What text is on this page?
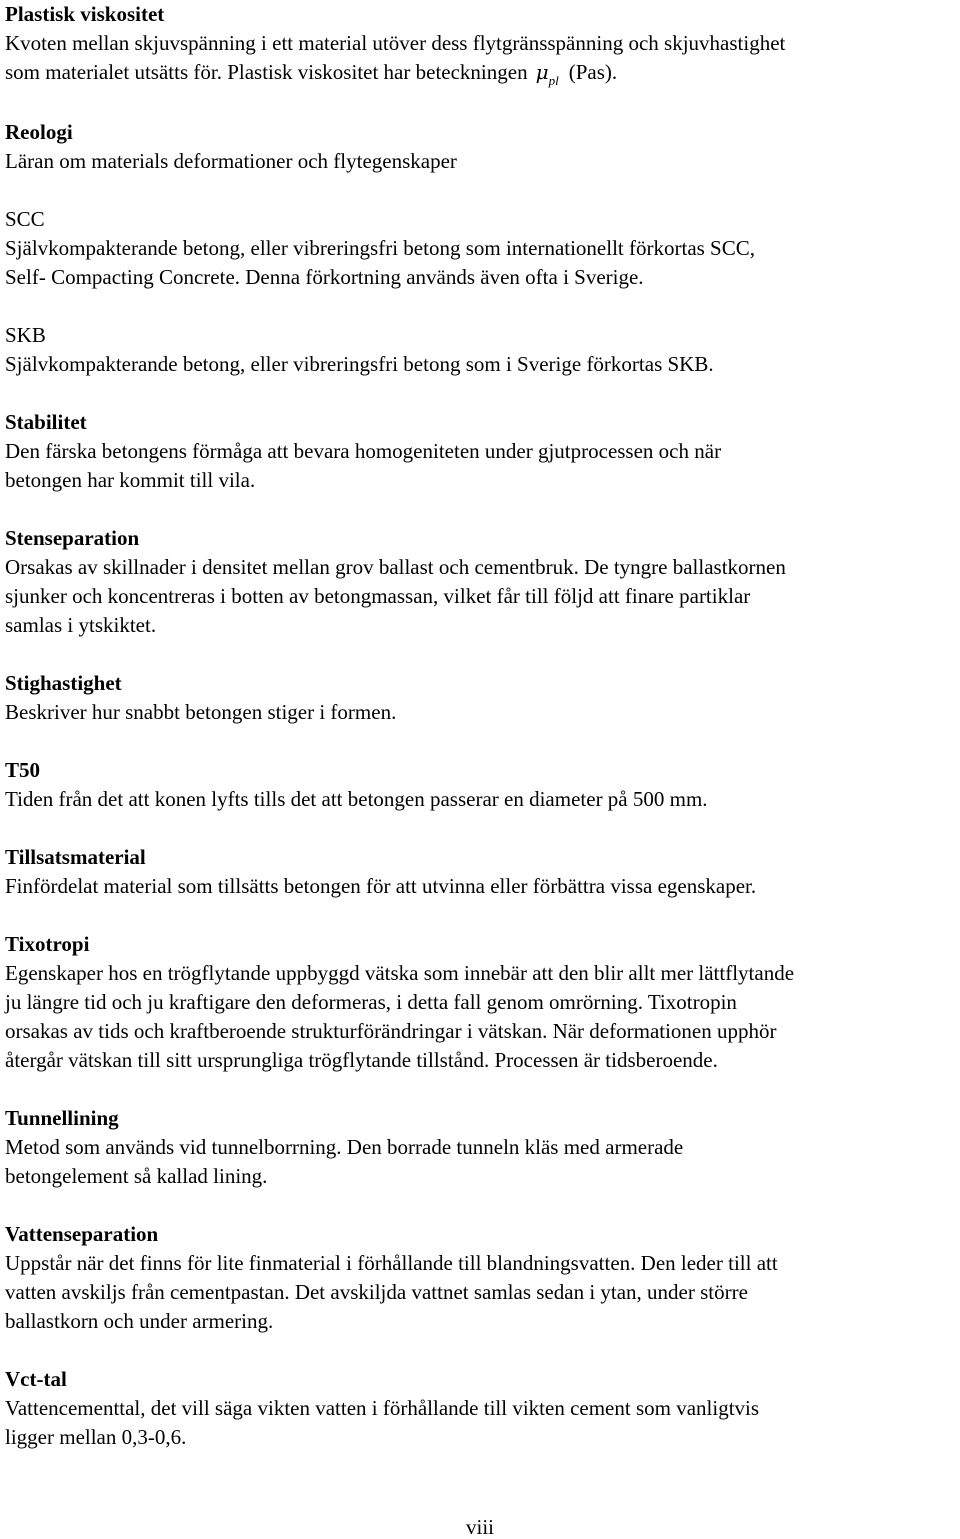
Plastisk viskositet
Kvoten mellan skjuvspänning i ett material utöver dess flytgränsspänning och skjuvhastighet
som materialet utsätts för. Plastisk viskositet har beteckningen $\mu_{pl}$ (Pas).
Reologi
Läran om materials deformationer och flytegenskaper
SCC
Självkompakterande betong, eller vibreringsfri betong som internationellt förkortas SCC,
Self- Compacting Concrete. Denna förkortning används även ofta i Sverige.
SKB
Självkompakterande betong, eller vibreringsfri betong som i Sverige förkortas SKB.
Stabilitet
Den färska betongens förmåga att bevara homogeniteten under gjutprocessen och när
betongen har kommit till vila.
Stenseparation
Orsakas av skillnader i densitet mellan grov ballast och cementbruk. De tyngre ballastkornen
sjunker och koncentreras i botten av betongmassan, vilket får till följd att finare partiklar
samlas i ytskiktet.
Stighastighet
Beskriver hur snabbt betongen stiger i formen.
T50
Tiden från det att konen lyfts tills det att betongen passerar en diameter på 500 mm.
Tillsatsmaterial
Finfördelat material som tillsätts betongen för att utvinna eller förbättra vissa egenskaper.
Tixotropi
Egenskaper hos en trögflytande uppbyggd vätska som innebär att den blir allt mer lättflytande
ju längre tid och ju kraftigare den deformeras, i detta fall genom omrörning. Tixotropin
orsakas av tids och kraftberoende strukturförändringar i vätskan. När deformationen upphör
återgår vätskan till sitt ursprungliga trögflytande tillstånd. Processen är tidsberoende.
Tunnellining
Metod som används vid tunnelborrning. Den borrade tunneln kläs med armerade
betongelement så kallad lining.
Vattenseparation
Uppstår när det finns för lite finmaterial i förhållande till blandningsvatten. Den leder till att
vatten avskiljs från cementpastan. Det avskiljda vattnet samlas sedan i ytan, under större
ballastkorn och under armering.
Vct-tal
Vattencementtal, det vill säga vikten vatten i förhållande till vikten cement som vanligtvis
ligger mellan 0,3-0,6.
viii
